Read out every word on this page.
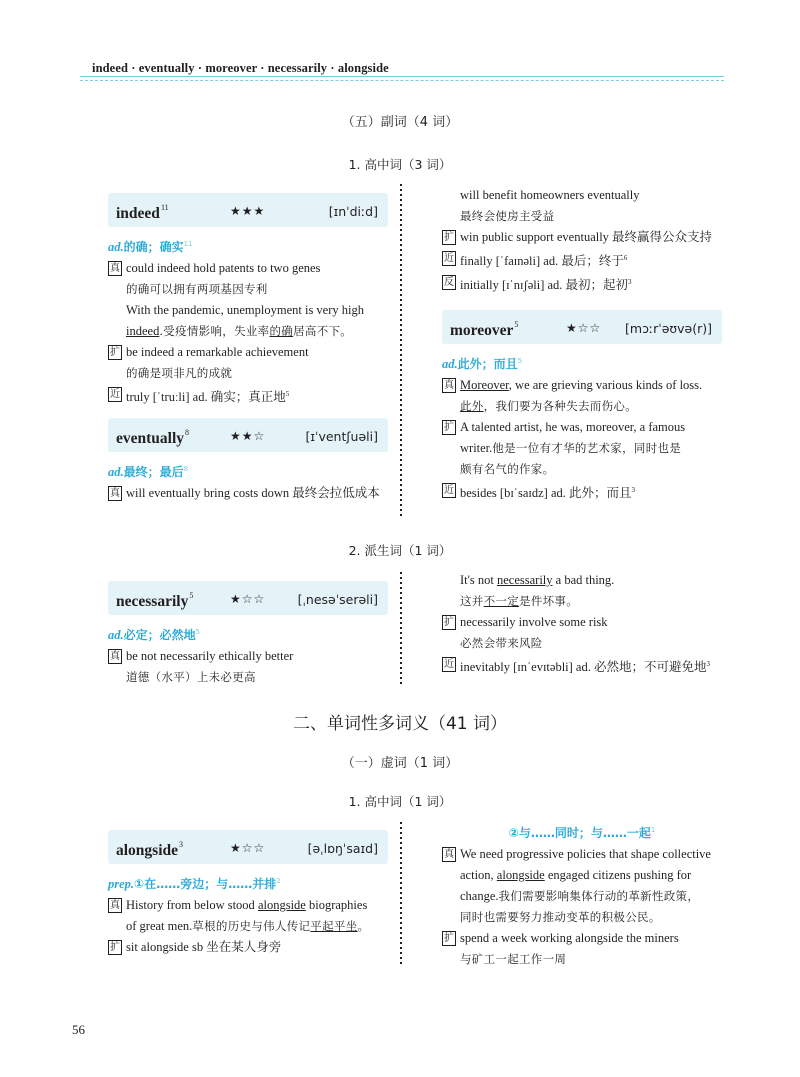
indeed · eventually · moreover · necessarily · alongside
（五）副词（4 词）
1. 高中词（3 词）
indeed$^{11}$	★★★	[ɪnˈdiːd]
ad.的确；确实$^{11}$
真 could indeed hold patents to two genes
的确可以拥有两项基因专利
With the pandemic, unemployment is very high
indeed.受疫情影响，失业率的确居高不下。
扩 be indeed a remarkable achievement
的确是项非凡的成就
近 truly [ˈtruːli] ad. 确实；真正地$^5$
eventually$^8$	★★☆	[ɪˈventʃuəli]
ad.最终；最后$^8$
真 will eventually bring costs down 最终会拉低成本
will benefit homeowners eventually
最终会使房主受益
扩 win public support eventually 最终赢得公众支持
近 finally [ˈfaɪnəli] ad. 最后；终于$^6$
反 initially [ɪˈnɪʃəli] ad. 最初；起初$^3$
moreover$^5$	★☆☆ [mɔːrˈəʊvə(r)]
ad.此外；而且$^5$
真 Moreover, we are grieving various kinds of loss.
此外，我们要为各种失去而伤心。
扩 A talented artist, he was, moreover, a famous
writer.他是一位有才华的艺术家，同时也是
颇有名气的作家。
近 besides [bɪˈsaɪdz] ad. 此外；而且$^3$
2. 派生词（1 词）
necessarily$^5$	★☆☆	[ˌnesəˈserəli]
ad.必定；必然地$^5$
真 be not necessarily ethically better
道德（水平）上未必更高
It's not necessarily a bad thing.
这并不一定是件坏事。
扩 necessarily involve some risk
必然会带来风险
近 inevitably [ɪnˈevɪtəbli] ad. 必然地；不可避免地$^3$
二、单词性多词义（41 词）
（一）虚词（1 词）
1. 高中词（1 词）
alongside$^3$	★☆☆	[əˌlɒŋˈsaɪd]
prep.①在……旁边；与……并排$^2$
真 History from below stood alongside biographies
of great men.草根的历史与伟人传记平起平坐。
扩 sit alongside sb 坐在某人身旁
②与……同时；与……一起$^1$
真 We need progressive policies that shape collective
action, alongside engaged citizens pushing for
change.我们需要影响集体行动的革新性政策，
同时也需要努力推动变革的积极公民。
扩 spend a week working alongside the miners
与矿工一起工作一周
56
